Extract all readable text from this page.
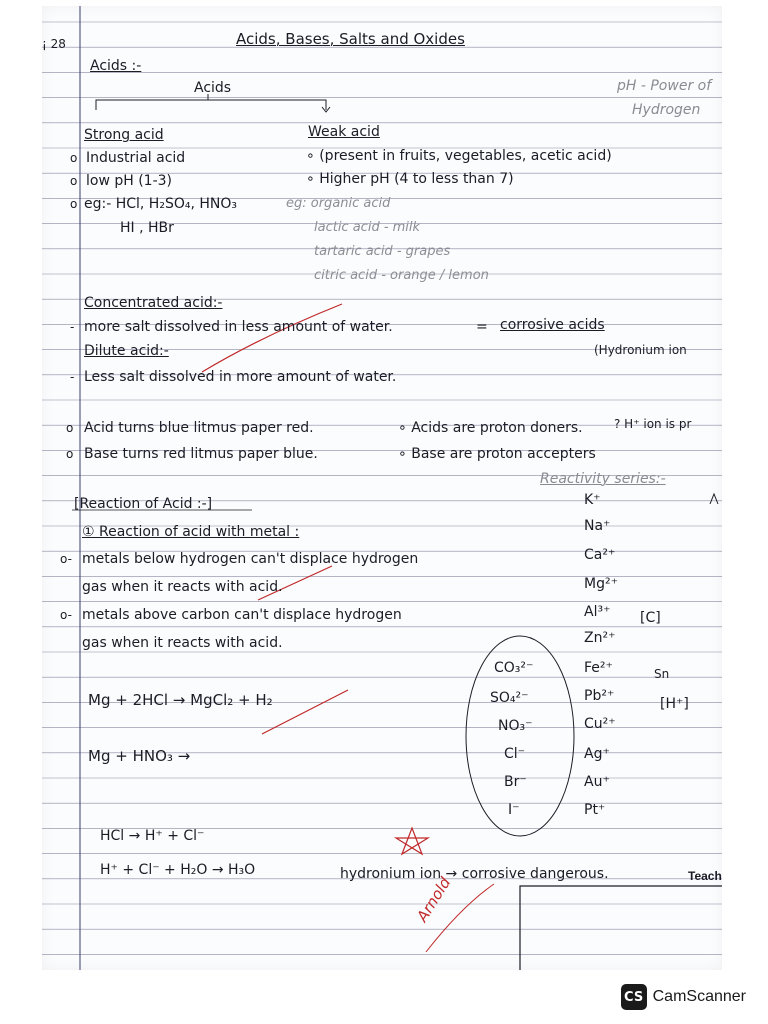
¡ 28	Acids, Bases, Salts and Oxides
Acids :-
Acids	pH - Power of
Hydrogen
Strong acid	Weak acid
Industrial acid
low pH (1-3)
eg:- HCl, H₂SO₄, HNO₃
HI , HBr
∘ (present in fruits, vegetables, acetic acid)
∘ Higher pH (4 to less than 7)
eg: organic acid
lactic acid - milk
tartaric acid - grapes
citric acid - orange / lemon
Concentrated acid:-
more salt dissolved in less amount of water.	= corrosive acids
(Hydronium ion
Dilute acid:-
Less salt dissolved in more amount of water.
Acid turns blue litmus paper red.
Base turns red litmus paper blue.
∘ Acids are proton doners.
∘ Base are proton accepters
? H⁺ ion is pr
Reactivity series:-
[Reaction of Acid :-]
① Reaction of acid with metal :
metals below hydrogen can't displace hydrogen
gas when it reacts with acid.
metals above carbon can't displace hydrogen
gas when it reacts with acid.
K⁺
Na⁺
Ca²⁺
Mg²⁺
Al³⁺
Zn²⁺
Fe²⁺
Pb²⁺
Cu²⁺
Ag⁺
Au⁺
Pt⁺
[C]
Sn
[H⁺]
CO₃²⁻
SO₄²⁻
NO₃⁻
Cl⁻
Br⁻
I⁻
Mg + 2HCl → MgCl₂ + H₂
Mg + HNO₃ →
HCl → H⁺ + Cl⁻
H⁺ + Cl⁻ + H₂O → H₃O	hydronium ion → corrosive dangerous.	Teach
Arnold
o
o
o
-
-
o
o
o-
o-
CS CamScanner
